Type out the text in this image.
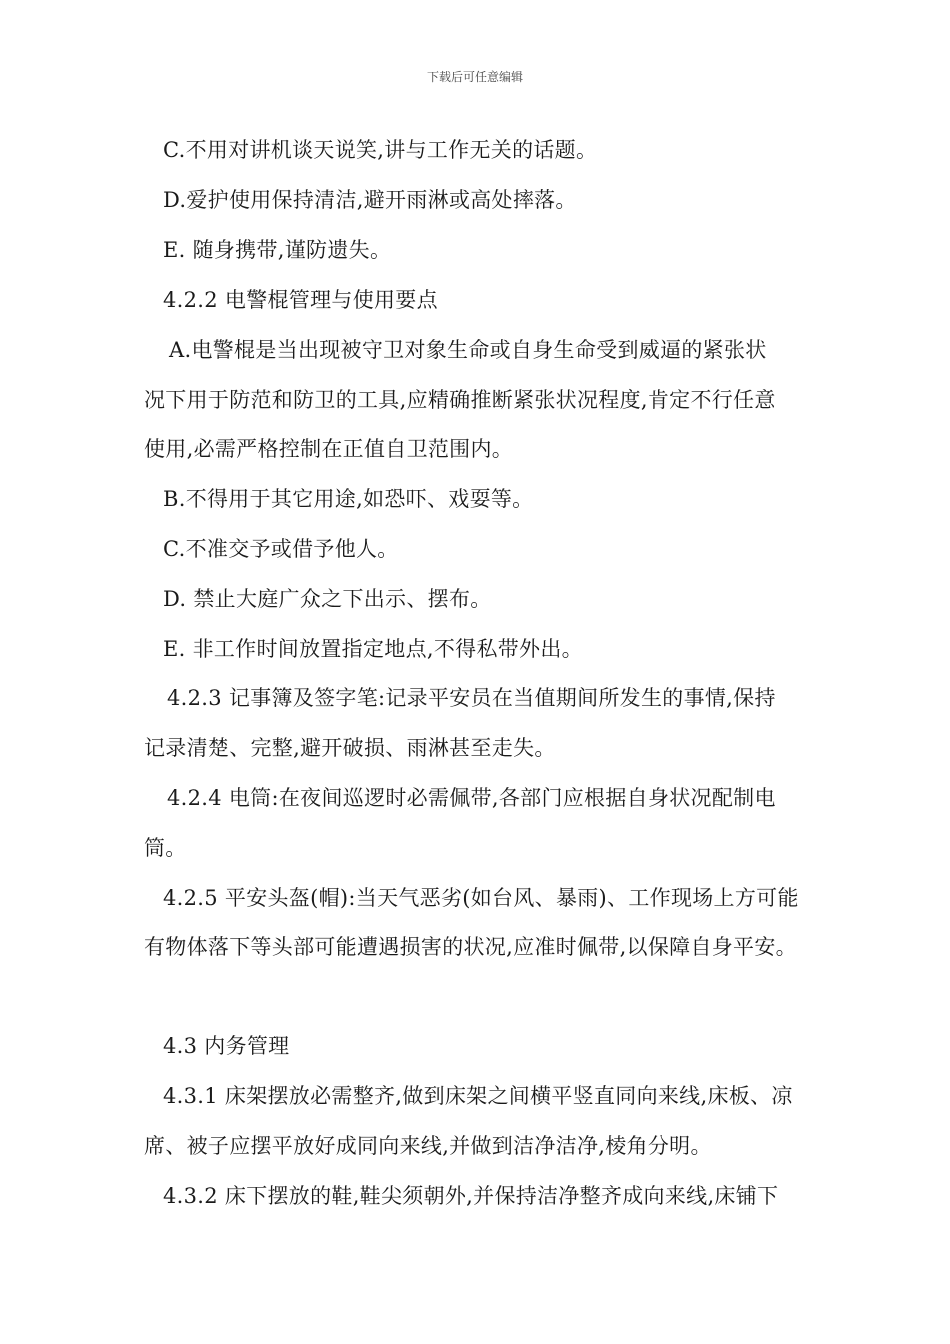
下载后可任意编辑
C.不用对讲机谈天说笑,讲与工作无关的话题。
D.爱护使用保持清洁,避开雨淋或高处摔落。
E. 随身携带,谨防遗失。
4.2.2 电警棍管理与使用要点
A.电警棍是当出现被守卫对象生命或自身生命受到威逼的紧张状
况下用于防范和防卫的工具,应精确推断紧张状况程度,肯定不行任意
使用,必需严格控制在正值自卫范围内。
B.不得用于其它用途,如恐吓、戏耍等。
C.不准交予或借予他人。
D. 禁止大庭广众之下出示、摆布。
E. 非工作时间放置指定地点,不得私带外出。
4.2.3 记事簿及签字笔:记录平安员在当值期间所发生的事情,保持
记录清楚、完整,避开破损、雨淋甚至走失。
4.2.4 电筒:在夜间巡逻时必需佩带,各部门应根据自身状况配制电
筒。
4.2.5 平安头盔(帽):当天气恶劣(如台风、暴雨)、工作现场上方可能
有物体落下等头部可能遭遇损害的状况,应准时佩带,以保障自身平安。
4.3 内务管理
4.3.1 床架摆放必需整齐,做到床架之间横平竖直同向来线,床板、凉
席、被子应摆平放好成同向来线,并做到洁净洁净,棱角分明。
4.3.2 床下摆放的鞋,鞋尖须朝外,并保持洁净整齐成向来线,床铺下
